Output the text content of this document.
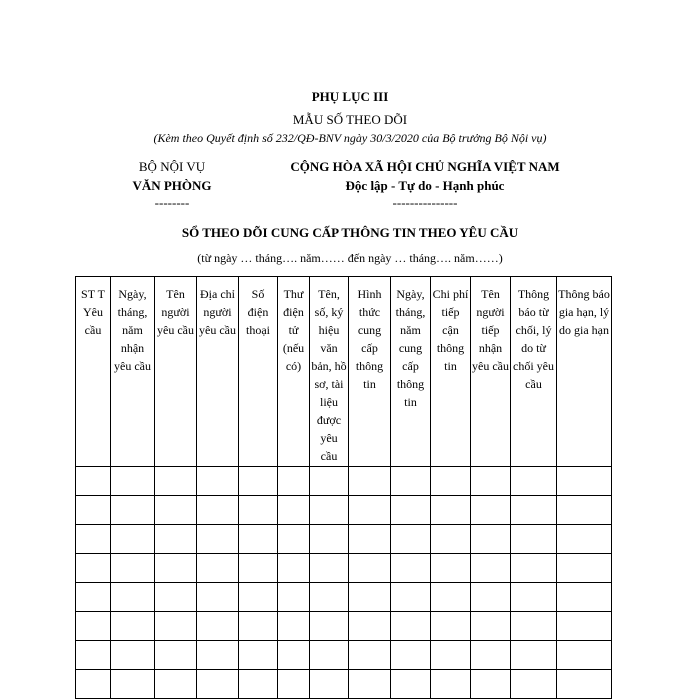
PHỤ LỤC III
MẪU SỐ THEO DÕI
(Kèm theo Quyết định số 232/QĐ-BNV ngày 30/3/2020 của Bộ trưởng Bộ Nội vụ)
BỘ NỘI VỤ
VĂN PHÒNG
--------
CỘNG HÒA XÃ HỘI CHỦ NGHĨA VIỆT NAM
Độc lập - Tự do - Hạnh phúc
---------------
SỔ THEO DÕI CUNG CẤP THÔNG TIN THEO YÊU CẦU
(từ ngày … tháng…. năm…… đến ngày … tháng…. năm……)
ST T Yêu cầu	Ngày, tháng, năm nhận yêu cầu	Tên người yêu cầu	Địa chỉ người yêu cầu	Số điện thoại	Thư điện tử (nếu có)	Tên, số, ký hiệu văn bản, hồ sơ, tài liệu được yêu cầu	Hình thức cung cấp thông tin	Ngày, tháng, năm cung cấp thông tin	Chi phí tiếp cận thông tin	Tên người tiếp nhận yêu cầu	Thông báo từ chối, lý do từ chối yêu cầu	Thông báo gia hạn, lý do gia hạn
